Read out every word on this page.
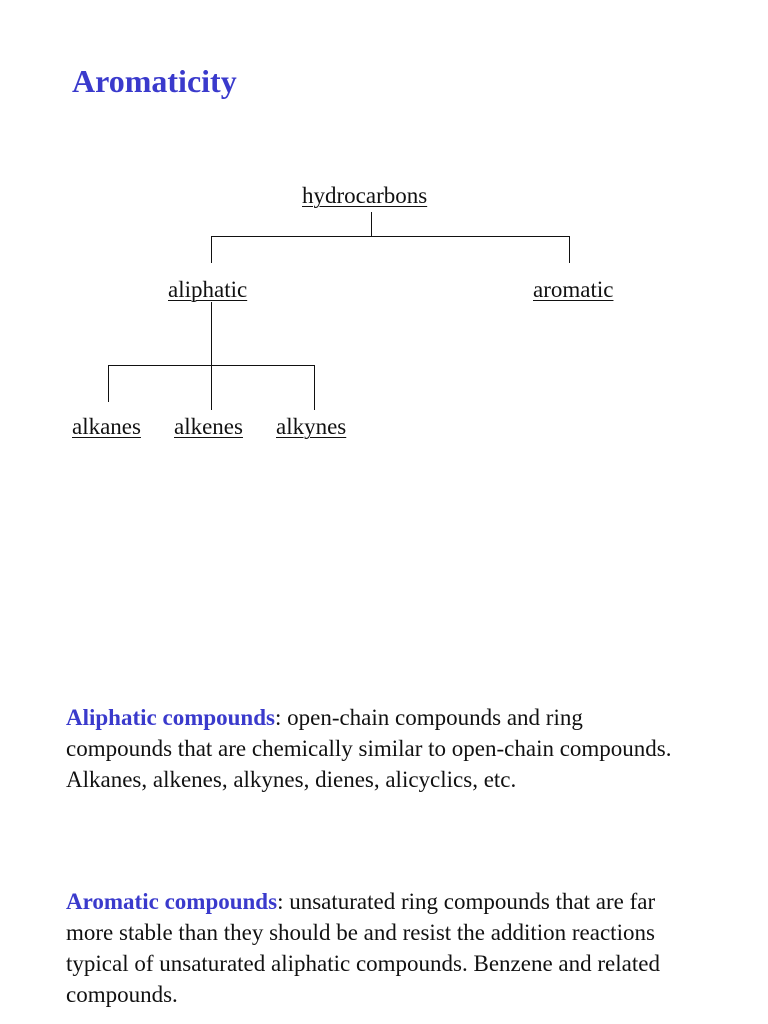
Aromaticity
hydrocarbons
aliphatic	aromatic
alkanes alkenes alkynes

Aliphatic compounds: open-chain compounds and ring compounds that are chemically similar to open-chain compounds. Alkanes, alkenes, alkynes, dienes, alicyclics, etc.

Aromatic compounds: unsaturated ring compounds that are far more stable than they should be and resist the addition reactions typical of unsaturated aliphatic compounds. Benzene and related compounds.
